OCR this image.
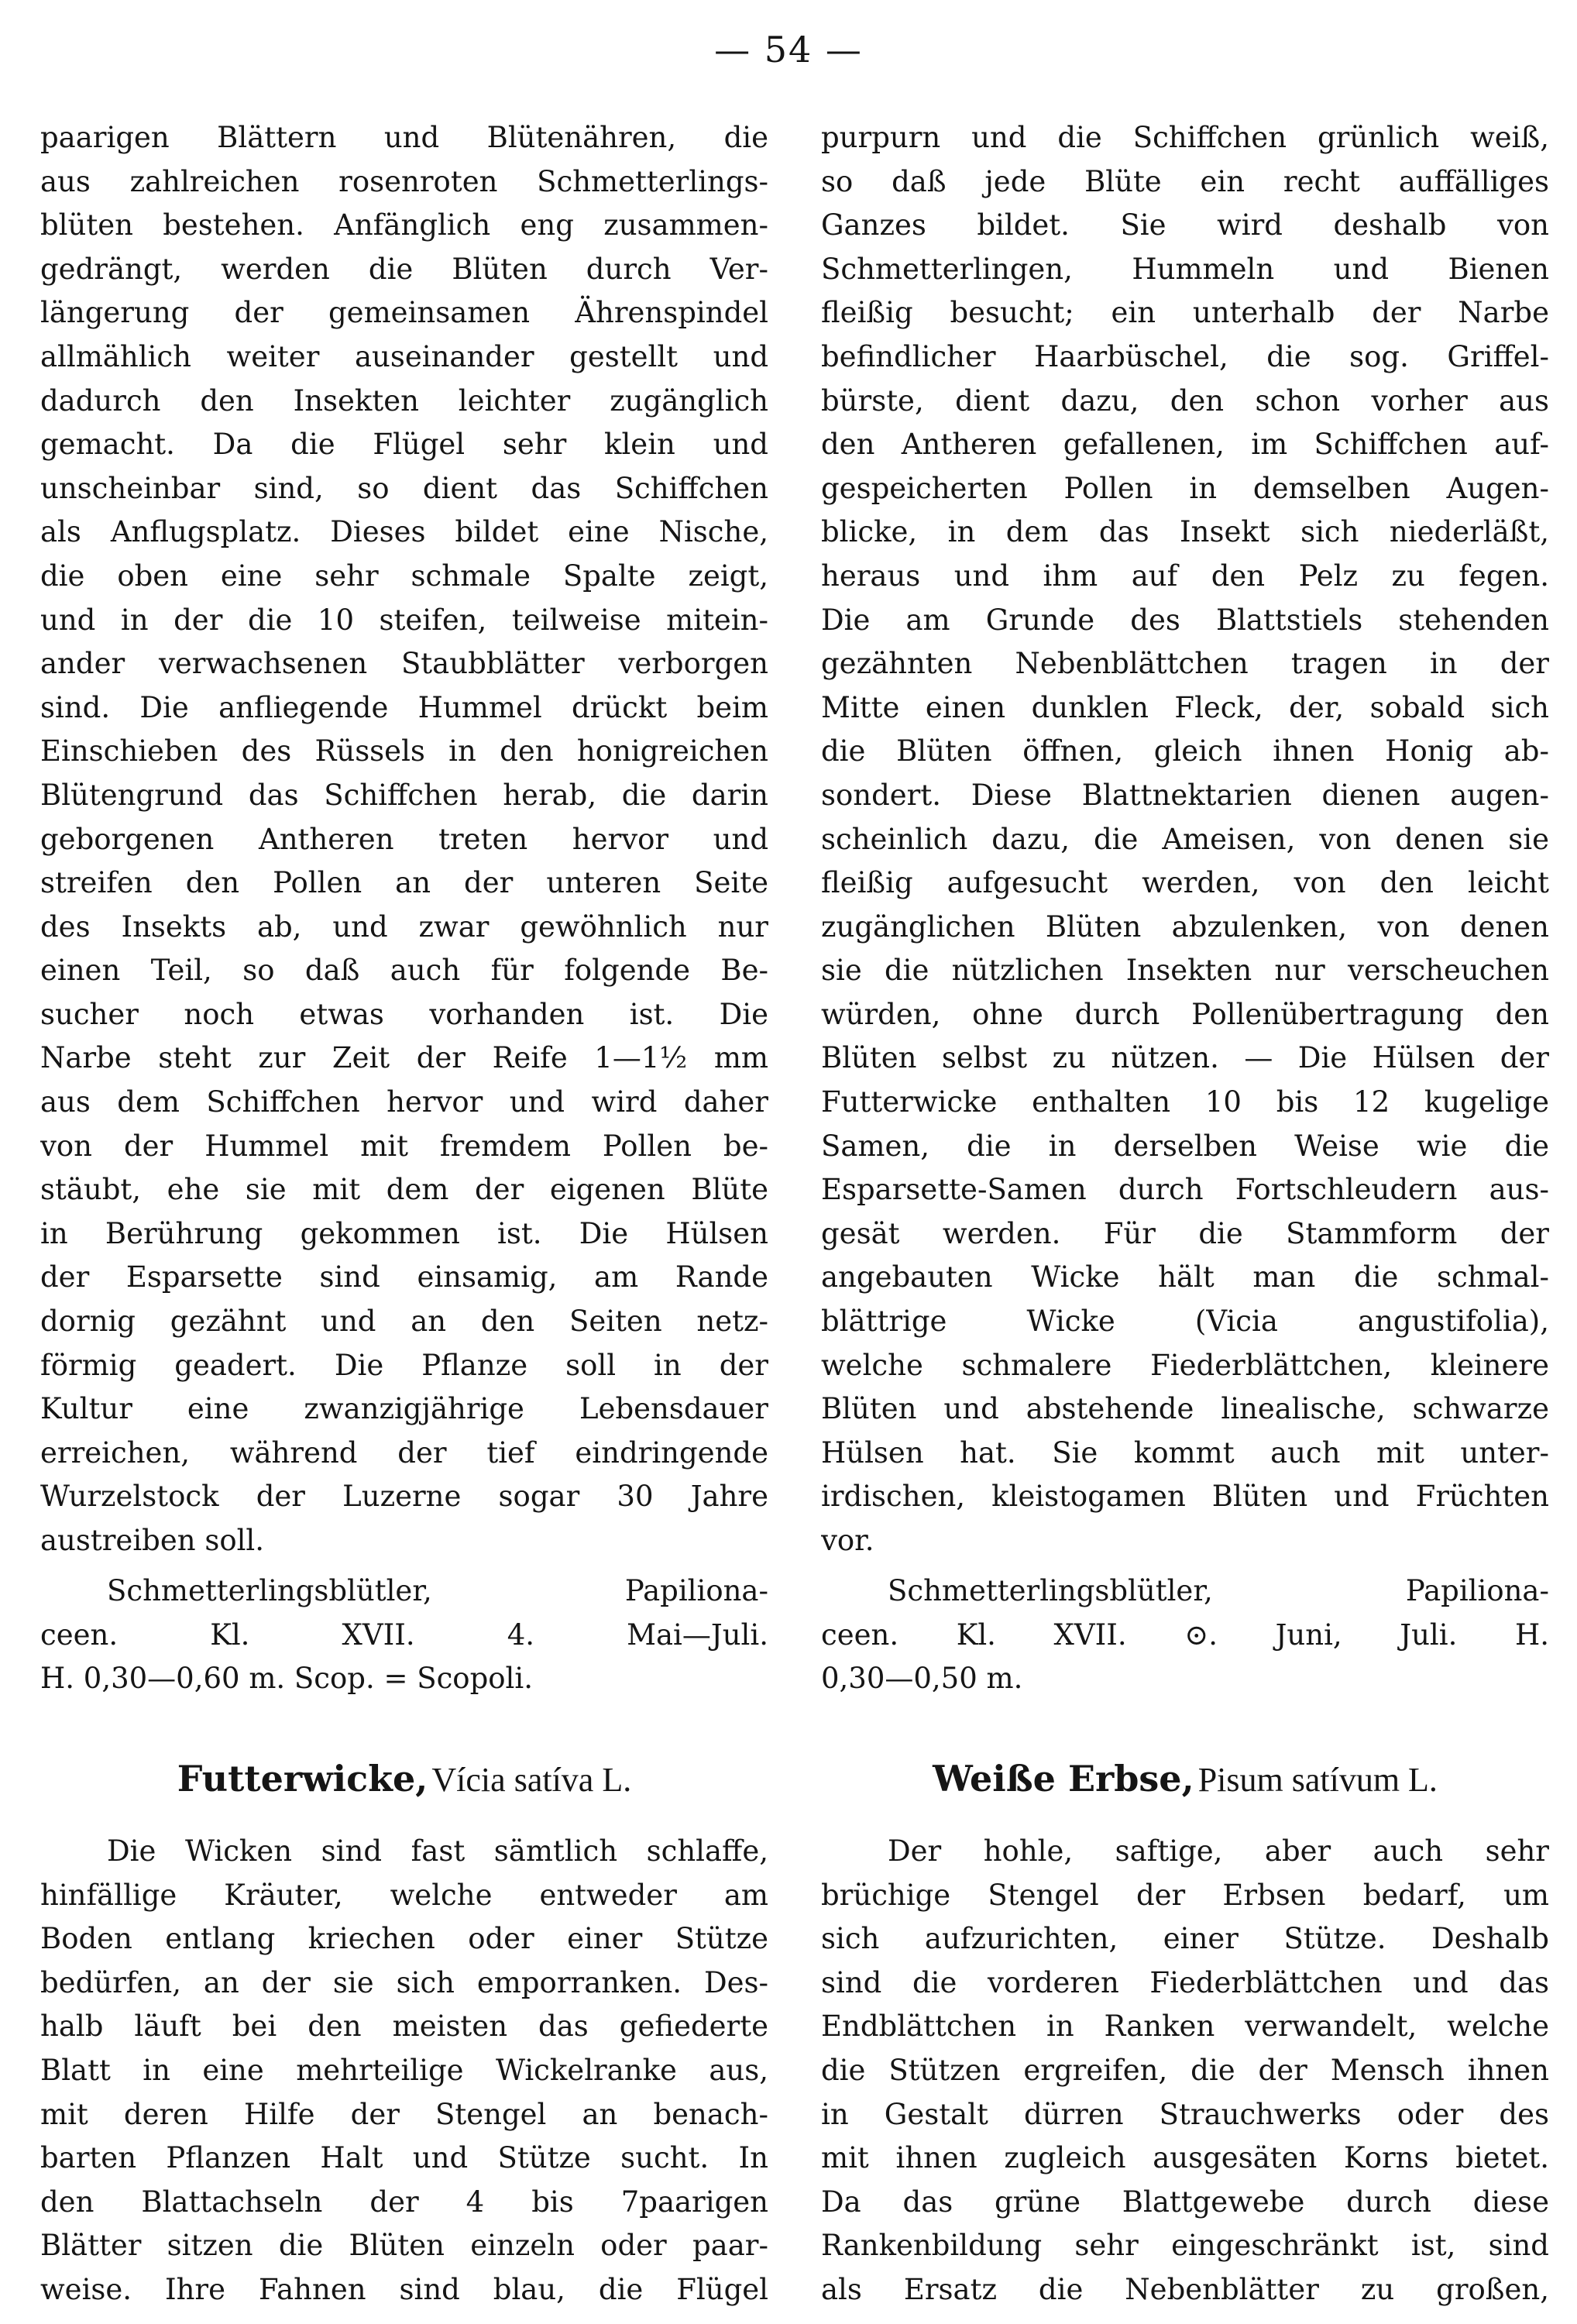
— 54 —
paarigen Blättern und Blütenähren, die
aus zahlreichen rosenroten Schmetterlings-
blüten bestehen. Anfänglich eng zusammen-
gedrängt, werden die Blüten durch Ver-
längerung der gemeinsamen Ährenspindel
allmählich weiter auseinander gestellt und
dadurch den Insekten leichter zugänglich
gemacht. Da die Flügel sehr klein und
unscheinbar sind, so dient das Schiffchen
als Anflugsplatz. Dieses bildet eine Nische,
die oben eine sehr schmale Spalte zeigt,
und in der die 10 steifen, teilweise mitein-
ander verwachsenen Staubblätter verborgen
sind. Die anfliegende Hummel drückt beim
Einschieben des Rüssels in den honigreichen
Blütengrund das Schiffchen herab, die darin
geborgenen Antheren treten hervor und
streifen den Pollen an der unteren Seite
des Insekts ab, und zwar gewöhnlich nur
einen Teil, so daß auch für folgende Be-
sucher noch etwas vorhanden ist. Die
Narbe steht zur Zeit der Reife 1—1½ mm
aus dem Schiffchen hervor und wird daher
von der Hummel mit fremdem Pollen be-
stäubt, ehe sie mit dem der eigenen Blüte
in Berührung gekommen ist. Die Hülsen
der Esparsette sind einsamig, am Rande
dornig gezähnt und an den Seiten netz-
förmig geadert. Die Pflanze soll in der
Kultur eine zwanzigjährige Lebensdauer
erreichen, während der tief eindringende
Wurzelstock der Luzerne sogar 30 Jahre
austreiben soll.
Schmetterlingsblütler, Papiliona-
ceen. Kl. XVII. 4. Mai—Juli.
H. 0,30—0,60 m. Scop. = Scopoli.
Futterwicke, Vícia satíva L.
Die Wicken sind fast sämtlich schlaffe,
hinfällige Kräuter, welche entweder am
Boden entlang kriechen oder einer Stütze
bedürfen, an der sie sich emporranken. Des-
halb läuft bei den meisten das gefiederte
Blatt in eine mehrteilige Wickelranke aus,
mit deren Hilfe der Stengel an benach-
barten Pflanzen Halt und Stütze sucht. In
den Blattachseln der 4 bis 7paarigen
Blätter sitzen die Blüten einzeln oder paar-
weise. Ihre Fahnen sind blau, die Flügel
purpurn und die Schiffchen grünlich weiß,
so daß jede Blüte ein recht auffälliges
Ganzes bildet. Sie wird deshalb von
Schmetterlingen, Hummeln und Bienen
fleißig besucht; ein unterhalb der Narbe
befindlicher Haarbüschel, die sog. Griffel-
bürste, dient dazu, den schon vorher aus
den Antheren gefallenen, im Schiffchen auf-
gespeicherten Pollen in demselben Augen-
blicke, in dem das Insekt sich niederläßt,
heraus und ihm auf den Pelz zu fegen.
Die am Grunde des Blattstiels stehenden
gezähnten Nebenblättchen tragen in der
Mitte einen dunklen Fleck, der, sobald sich
die Blüten öffnen, gleich ihnen Honig ab-
sondert. Diese Blattnektarien dienen augen-
scheinlich dazu, die Ameisen, von denen sie
fleißig aufgesucht werden, von den leicht
zugänglichen Blüten abzulenken, von denen
sie die nützlichen Insekten nur verscheuchen
würden, ohne durch Pollenübertragung den
Blüten selbst zu nützen. — Die Hülsen der
Futterwicke enthalten 10 bis 12 kugelige
Samen, die in derselben Weise wie die
Esparsette-Samen durch Fortschleudern aus-
gesät werden. Für die Stammform der
angebauten Wicke hält man die schmal-
blättrige Wicke (Vicia angustifolia),
welche schmalere Fiederblättchen, kleinere
Blüten und abstehende linealische, schwarze
Hülsen hat. Sie kommt auch mit unter-
irdischen, kleistogamen Blüten und Früchten
vor.
Schmetterlingsblütler, Papiliona-
ceen. Kl. XVII. ⊙. Juni, Juli. H.
0,30—0,50 m.
Weiße Erbse, Pisum satívum L.
Der hohle, saftige, aber auch sehr
brüchige Stengel der Erbsen bedarf, um
sich aufzurichten, einer Stütze. Deshalb
sind die vorderen Fiederblättchen und das
Endblättchen in Ranken verwandelt, welche
die Stützen ergreifen, die der Mensch ihnen
in Gestalt dürren Strauchwerks oder des
mit ihnen zugleich ausgesäten Korns bietet.
Da das grüne Blattgewebe durch diese
Rankenbildung sehr eingeschränkt ist, sind
als Ersatz die Nebenblätter zu großen,
